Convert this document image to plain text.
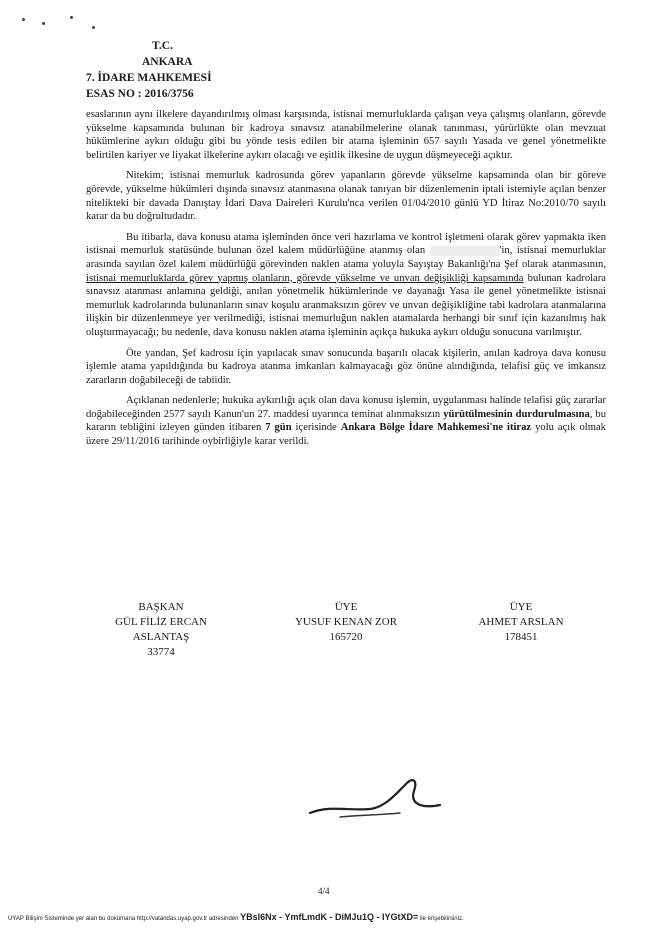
T.C.
ANKARA
7. İDARE MAHKEMESİ
ESAS NO : 2016/3756

esaslarının aynı ilkelere dayandırılmış olması karşısında, istisnai memurluklarda çalışan veya çalışmış olanların, görevde yükselme kapsamında bulunan bir kadroya sınavsız atanabilmelerine olanak tanınması, yürürlükte olan mevzuat hükümlerine aykırı olduğu gibi bu yönde tesis edilen bir atama işleminin 657 sayılı Yasada ve genel yönetmelikte belirtilen kariyer ve liyakat ilkelerine aykırı olacağı ve eşitlik ilkesine de uygun düşmeyeceği açıktır.

Nitekim; istisnai memurluk kadrosunda görev yapanların görevde yükselme kapsamında olan bir göreve görevde, yükselme hükümleri dışında sınavsız atanmasına olanak tanıyan bir düzenlemenin iptali istemiyle açılan benzer nitelikteki bir davada Danıştay İdari Dava Daireleri Kurulu'nca verilen 01/04/2010 günlü YD İtiraz No:2010/70 sayılı karar da bu doğrultudadır.

Bu itibarla, dava konusu atama işleminden önce veri hazırlama ve kontrol işletmeni olarak görev yapmakta iken istisnai memurluk statüsünde bulunan özel kalem müdürlüğüne atanmış olan	'in, istisnai memurluklar arasında sayılan özel kalem müdürlüğü görevinden naklen atama yoluyla Sayıştay Bakanlığı'na Şef olarak atanmasının, istisnai memurluklarda görev yapmış olanların, görevde yükselme ve unvan değişikliği kapsamında bulunan kadrolara sınavsız atanması anlamına geldiği, anılan yönetmelik hükümlerinde ve dayanağı Yasa ile genel yönetmelikte istisnai memurluk kadrolarında bulunanların sınav koşulu aranmaksızın görev ve unvan değişikliğine tabi kadrolara atanmalarına ilişkin bir düzenlenmeye yer verilmediği, istisnai memurluğun naklen atamalarda herhangi bir sınıf için kazanılmış hak oluşturmayacağı; bu nedenle, dava konusu naklen atama işleminin açıkça hukuka aykırı olduğu sonucuna varılmıştır.

Öte yandan, Şef kadrosu için yapılacak sınav sonucunda başarılı olacak kişilerin, anılan kadroya dava konusu işlemle atama yapıldığında bu kadroya atanma imkanları kalmayacağı göz önüne alındığında, telafisi güç ve imkansız zararların doğabileceği de tabiidir.

Açıklanan nedenlerle; hukuka aykırılığı açık olan dava konusu işlemin, uygulanması halinde telafisi güç zararlar doğabileceğinden 2577 sayılı Kanun'un 27. maddesi uyarınca teminat alınmaksızın yürütülmesinin durdurulmasına, bu kararın tebliğini izleyen günden itibaren 7 gün içerisinde Ankara Bölge İdare Mahkemesi'ne itiraz yolu açık olmak üzere 29/11/2016 tarihinde oybirliğiyle karar verildi.

BAŞKAN
GÜL FİLİZ ERCAN ASLANTAŞ
33774
ÜYE
YUSUF KENAN ZOR
165720
ÜYE
AHMET ARSLAN
178451
4/4
UYAP Bilişim Sisteminde yer alan bu dokümana http://vatandas.uyap.gov.tr adresinden YBsl6Nx - YmfLmdK - DiMJu1Q - IYGtXD= ile erişebilirsiniz.
